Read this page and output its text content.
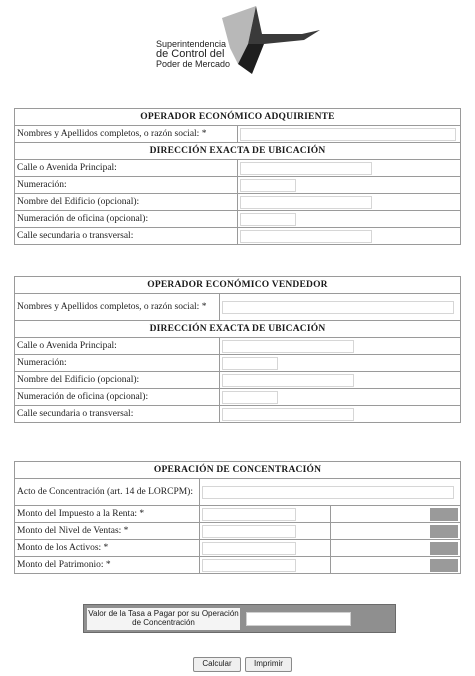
Superintendencia
de Control del
Poder de Mercado
OPERADOR ECONÓMICO ADQUIRIENTE	
Nombres y Apellidos completos, o razón social: *	

DIRECCIÓN EXACTA DE UBICACIÓN	
Calle o Avenida Principal:	

Numeración:	

Nombre del Edificio (opcional):	

Numeración de oficina (opcional):	

Calle secundaria o transversal:	
OPERADOR ECONÓMICO VENDEDOR	
Nombres y Apellidos completos, o razón social: *	

DIRECCIÓN EXACTA DE UBICACIÓN	
Calle o Avenida Principal:	

Numeración:	

Nombre del Edificio (opcional):	

Numeración de oficina (opcional):	

Calle secundaria o transversal:	
OPERACIÓN DE CONCENTRACIÓN		
Acto de Concentración (art. 14 de LORCPM):		

Monto del Impuesto a la Renta: *	

Monto del Nivel de Ventas: *	

Monto de los Activos: *	

Monto del Patrimonio: *	

Valor de la Tasa a Pagar por su Operación de Concentración
Calcular	Imprimir
